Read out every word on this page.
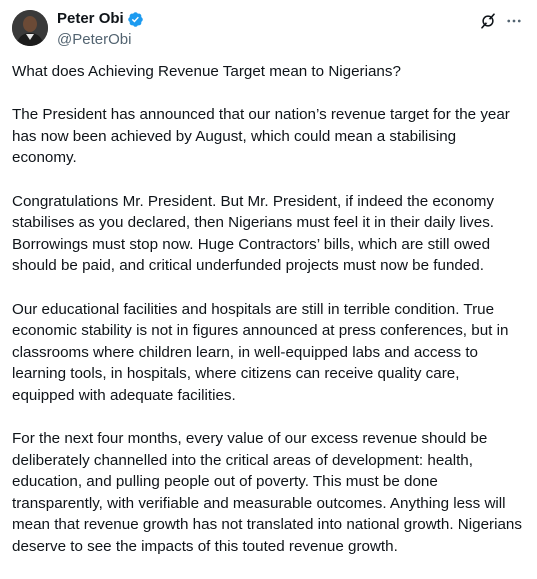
Peter Obi
@PeterObi

What does Achieving Revenue Target mean to Nigerians?

The President has announced that our nation’s revenue target for the year has now been achieved by August, which could mean a stabilising economy.

Congratulations Mr. President. But Mr. President, if indeed the economy stabilises as you declared, then Nigerians must feel it in their daily lives. Borrowings must stop now. Huge Contractors’ bills, which are still owed should be paid, and critical underfunded projects must now be funded.

Our educational facilities and hospitals are still in terrible condition. True economic stability is not in figures announced at press conferences, but in classrooms where children learn, in well-equipped labs and access to learning tools, in hospitals, where citizens can receive quality care, equipped with adequate facilities.

For the next four months, every value of our excess revenue should be deliberately channelled into the critical areas of development: health, education, and pulling people out of poverty. This must be done transparently, with verifiable and measurable outcomes. Anything less will mean that revenue growth has not translated into national growth. Nigerians deserve to see the impacts of this touted revenue growth.
